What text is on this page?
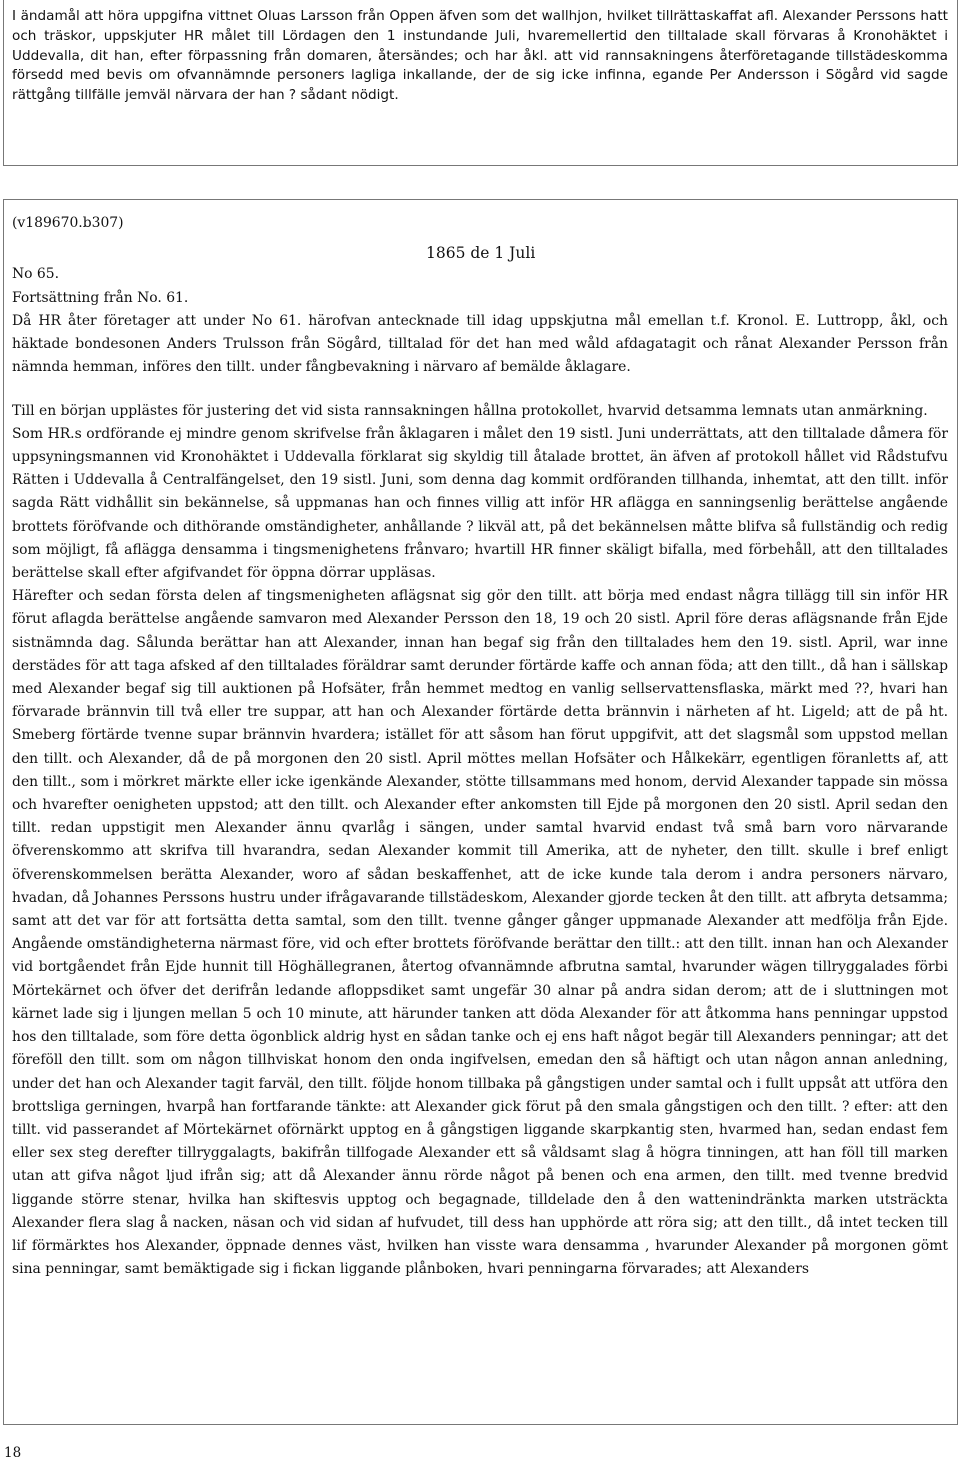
I ändamål att höra uppgifna vittnet Oluas Larsson från Oppen äfven som det wallhjon, hvilket tillrättaskaffat afl. Alexander Perssons hatt och träskor, uppskjuter HR målet till Lördagen den 1 instundande Juli, hvaremellertid den tilltalade skall förvaras å Kronohäktet i Uddevalla, dit han, efter förpassning från domaren, återsändes; och har åkl. att vid rannsakningens återföretagande tillstädeskomma försedd med bevis om ofvannämnde personers lagliga inkallande, der de sig icke infinna, egande Per Andersson i Sögård vid sagde rättgång tillfälle jemväl närvara der han ? sådant nödigt.

(v189670.b307)
1865 de 1 Juli
No 65.
Fortsättning från No. 61.

Då HR åter företager att under No 61. härofvan antecknade till idag uppskjutna mål emellan t.f. Kronol. E. Luttropp, åkl, och häktade bondesonen Anders Trulsson från Sögård, tilltalad för det han med wåld afdagatagit och rånat Alexander Persson från nämnda hemman, införes den tillt. under fångbevakning i närvaro af bemälde åklagare.

Till en början upplästes för justering det vid sista rannsakningen hållna protokollet, hvarvid detsamma lemnats utan anmärkning.

Som HR.s ordförande ej mindre genom skrifvelse från åklagaren i målet den 19 sistl. Juni underrättats, att den tilltalade dåmera för uppsyningsmannen vid Kronohäktet i Uddevalla förklarat sig skyldig till åtalade brottet, än äfven af protokoll hållet vid Rådstufvu Rätten i Uddevalla å Centralfängelset, den 19 sistl. Juni, som denna dag kommit ordföranden tillhanda, inhemtat, att den tillt. inför sagda Rätt vidhållit sin bekännelse, så uppmanas han och finnes villig att inför HR aflägga en sanningsenlig berättelse angående brottets föröfvande och dithörande omständigheter, anhållande ? likväl att, på det bekännelsen måtte blifva så fullständig och redig som möjligt, få aflägga densamma i tingsmenighetens frånvaro; hvartill HR finner skäligt bifalla, med förbehåll, att den tilltalades berättelse skall efter afgifvandet för öppna dörrar uppläsas.

Härefter och sedan första delen af tingsmenigheten aflägsnat sig gör den tillt. att börja med endast några tillägg till sin inför HR förut aflagda berättelse angående samvaron med Alexander Persson den 18, 19 och 20 sistl. April före deras aflägsnande från Ejde sistnämnda dag. Sålunda berättar han att Alexander, innan han begaf sig från den tilltalades hem den 19. sistl. April, war inne derstädes för att taga afsked af den tilltalades föräldrar samt derunder förtärde kaffe och annan föda; att den tillt., då han i sällskap med Alexander begaf sig till auktionen på Hofsäter, från hemmet medtog en vanlig sellservattensflaska, märkt med ??, hvari han förvarade brännvin till två eller tre suppar, att han och Alexander förtärde detta brännvin i närheten af ht. Ligeld; att de på ht. Smeberg förtärde tvenne supar brännvin hvardera; istället för att såsom han förut uppgifvit, att det slagsmål som uppstod mellan den tillt. och Alexander, då de på morgonen den 20 sistl. April möttes mellan Hofsäter och Hålkekärr, egentligen föranletts af, att den tillt., som i mörkret märkte eller icke igenkände Alexander, stötte tillsammans med honom, dervid Alexander tappade sin mössa och hvarefter oenigheten uppstod; att den tillt. och Alexander efter ankomsten till Ejde på morgonen den 20 sistl. April sedan den tillt. redan uppstigit men Alexander ännu qvarlåg i sängen, under samtal hvarvid endast två små barn voro närvarande öfverenskommo att skrifva till hvarandra, sedan Alexander kommit till Amerika, att de nyheter, den tillt. skulle i bref enligt öfverenskommelsen berätta Alexander, woro af sådan beskaffenhet, att de icke kunde tala derom i andra personers närvaro, hvadan, då Johannes Perssons hustru under ifrågavarande tillstädeskom, Alexander gjorde tecken åt den tillt. att afbryta detsamma; samt att det var för att fortsätta detta samtal, som den tillt. tvenne gånger gånger uppmanade Alexander att medfölja från Ejde. Angående omständigheterna närmast före, vid och efter brottets föröfvande berättar den tillt.: att den tillt. innan han och Alexander vid bortgåendet från Ejde hunnit till Höghällegranen, återtog ofvannämnde afbrutna samtal, hvarunder wägen tillryggalades förbi Mörtekärnet och öfver det derifrån ledande afloppsdiket samt ungefär 30 alnar på andra sidan derom; att de i sluttningen mot kärnet lade sig i ljungen mellan 5 och 10 minute, att härunder tanken att döda Alexander för att åtkomma hans penningar uppstod hos den tilltalade, som före detta ögonblick aldrig hyst en sådan tanke och ej ens haft något begär till Alexanders penningar; att det föreföll den tillt. som om någon tillhviskat honom den onda ingifvelsen, emedan den så häftigt och utan någon annan anledning, under det han och Alexander tagit farväl, den tillt. följde honom tillbaka på gångstigen under samtal och i fullt uppsåt att utföra den brottsliga gerningen, hvarpå han fortfarande tänkte: att Alexander gick förut på den smala gångstigen och den tillt. ? efter: att den tillt. vid passerandet af Mörtekärnet oförnärkt upptog en å gångstigen liggande skarpkantig sten, hvarmed han, sedan endast fem eller sex steg derefter tillryggalagts, bakifrån tillfogade Alexander ett så våldsamt slag å högra tinningen, att han föll till marken utan att gifva något ljud ifrån sig; att då Alexander ännu rörde något på benen och ena armen, den tillt. med tvenne bredvid liggande större stenar, hvilka han skiftesvis upptog och begagnade, tilldelade den å den wattenindränkta marken utsträckta Alexander flera slag å nacken, näsan och vid sidan af hufvudet, till dess han upphörde att röra sig; att den tillt., då intet tecken till lif förmärktes hos Alexander, öppnade dennes väst, hvilken han visste wara densamma , hvarunder Alexander på morgonen gömt sina penningar, samt bemäktigade sig i fickan liggande plånboken, hvari penningarna förvarades; att Alexanders

18
